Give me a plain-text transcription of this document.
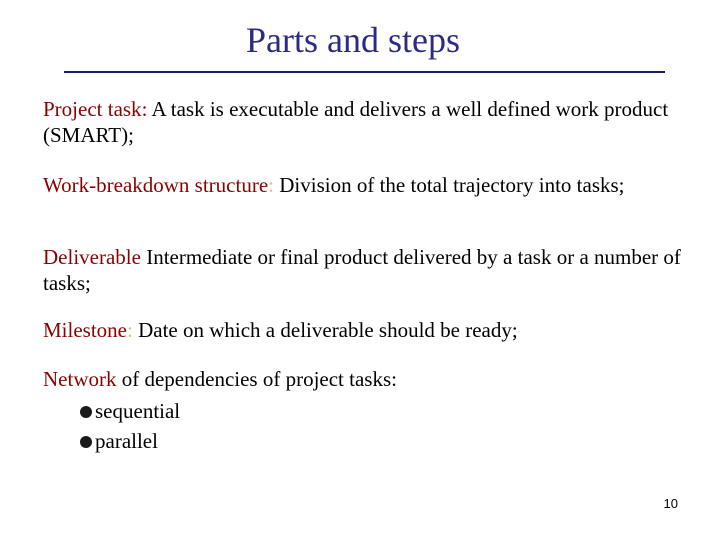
Parts and steps
Project task: A task is executable and delivers a well defined work product (SMART);
Work-breakdown structure: Division of the total trajectory into tasks;
Deliverable Intermediate or final product delivered by a task or a number of tasks;
Milestone: Date on which a deliverable should be ready;
Network of dependencies of project tasks:
sequential
parallel
10
